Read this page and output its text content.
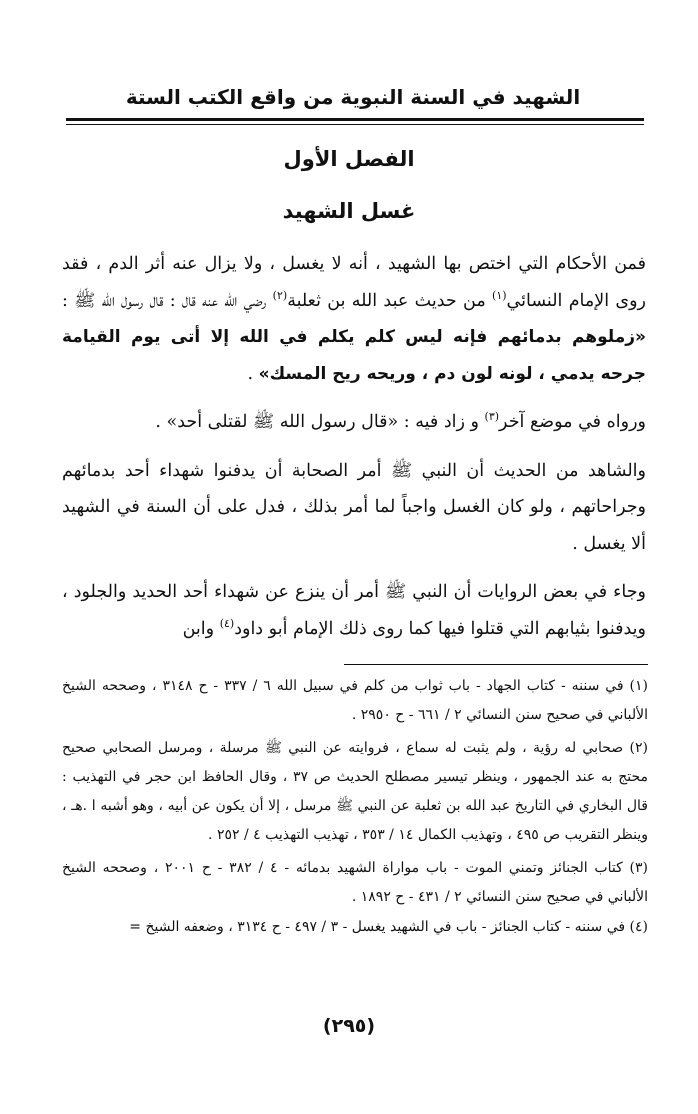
الشهيد في السنة النبوية من واقع الكتب الستة
الفصل الأول
غسل الشهيد

فمن الأحكام التي اختص بها الشهيد ، أنه لا يغسل ، ولا يزال عنه أثر الدم ، فقد روى الإمام النسائي$^{(١)}$ من حديث عبد الله بن ثعلبة$^{(٢)}$ رضي الله عنه قال : قال رسول الله ﷺ : «زملوهم بدمائهم فإنه ليس كلم يكلم في الله إلا أتى يوم القيامة جرحه يدمي ، لونه لون دم ، وريحه ريح المسك» .

ورواه في موضع آخر$^{(٣)}$ و زاد فيه : «قال رسول الله ﷺ لقتلى أحد» .

والشاهد من الحديث أن النبي ﷺ أمر الصحابة أن يدفنوا شهداء أحد بدمائهم وجراحاتهم ، ولو كان الغسل واجباً لما أمر بذلك ، فدل على أن السنة في الشهيد ألا يغسل .

وجاء في بعض الروايات أن النبي ﷺ أمر أن ينزع عن شهداء أحد الحديد والجلود ، ويدفنوا بثيابهم التي قتلوا فيها كما روى ذلك الإمام أبو داود$^{(٤)}$ وابن

(١) في سننه - كتاب الجهاد - باب ثواب من كلم في سبيل الله ٦ / ٣٣٧ - ح ٣١٤٨ ، وصححه الشيخ الألباني في صحيح سنن النسائي ٢ / ٦٦١ - ح ٢٩٥٠ .

(٢) صحابي له رؤية ، ولم يثبت له سماع ، فروايته عن النبي ﷺ مرسلة ، ومرسل الصحابي صحيح محتج به عند الجمهور ، وينظر تيسير مصطلح الحديث ص ٣٧ ، وقال الحافظ ابن حجر في التهذيب : قال البخاري في التاريخ عبد الله بن ثعلبة عن النبي ﷺ مرسل ، إلا أن يكون عن أبيه ، وهو أشبه ا .هـ ، وينظر التقريب ص ٤٩٥ ، وتهذيب الكمال ١٤ / ٣٥٣ ، تهذيب التهذيب ٤ / ٢٥٢ .

(٣) كتاب الجنائز وتمني الموت - باب مواراة الشهيد بدمائه - ٤ / ٣٨٢ - ح ٢٠٠١ ، وصححه الشيخ الألباني في صحيح سنن النسائي ٢ / ٤٣١ - ح ١٨٩٢ .

(٤) في سننه - كتاب الجنائز - باب في الشهيد يغسل - ٣ / ٤٩٧ - ح ٣١٣٤ ، وضعفه الشيخ =

(٢٩٥)
